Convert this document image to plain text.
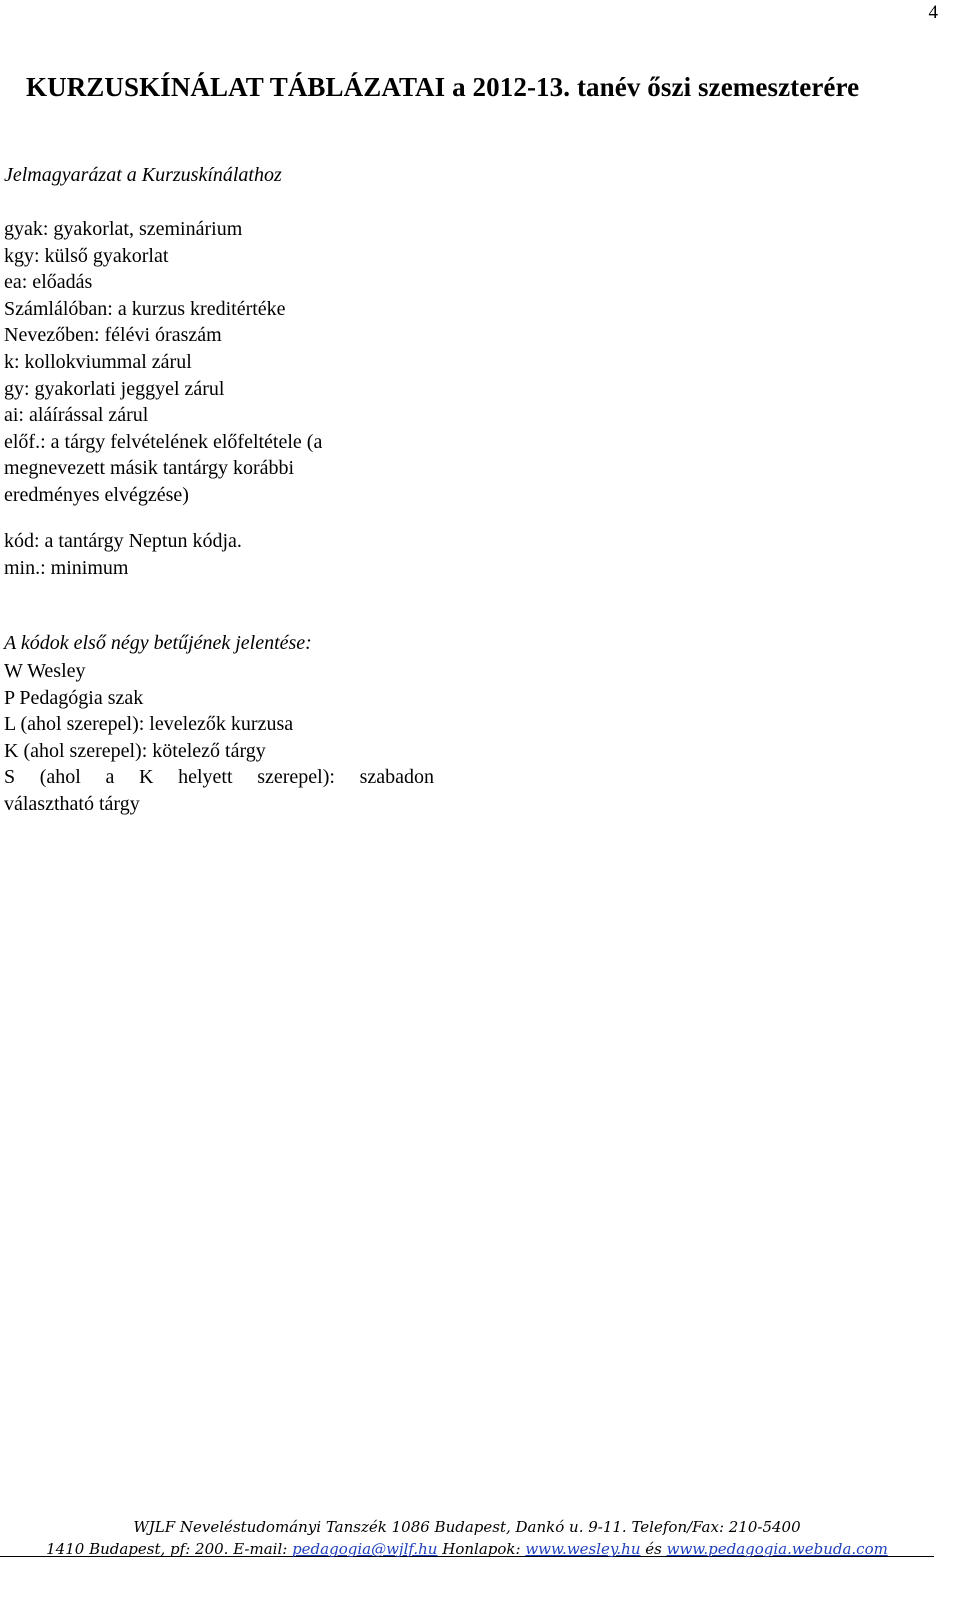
4
KURZUSKÍNÁLAT TÁBLÁZATAI a 2012-13. tanév őszi szemeszterére
Jelmagyarázat a Kurzuskínálathoz
gyak: gyakorlat, szeminárium
kgy: külső gyakorlat
ea: előadás
Számlálóban: a kurzus kreditértéke
Nevezőben: félévi óraszám
k: kollokviummal zárul
gy: gyakorlati jeggyel zárul
ai: aláírással zárul
előf.: a tárgy felvételének előfeltétele (a
megnevezett másik tantárgy korábbi
eredményes elvégzése)
kód: a tantárgy Neptun kódja.
min.: minimum
A kódok első négy betűjének jelentése:
W Wesley
P Pedagógia szak
L (ahol szerepel): levelezők kurzusa
K (ahol szerepel): kötelező tárgy
S (ahol a K helyett szerepel): szabadon
választható tárgy
WJLF Neveléstudományi Tanszék 1086 Budapest, Dankó u. 9-11. Telefon/Fax: 210-5400
1410 Budapest, pf: 200. E-mail: pedagogia@wjlf.hu Honlapok: www.wesley.hu és www.pedagogia.webuda.com
